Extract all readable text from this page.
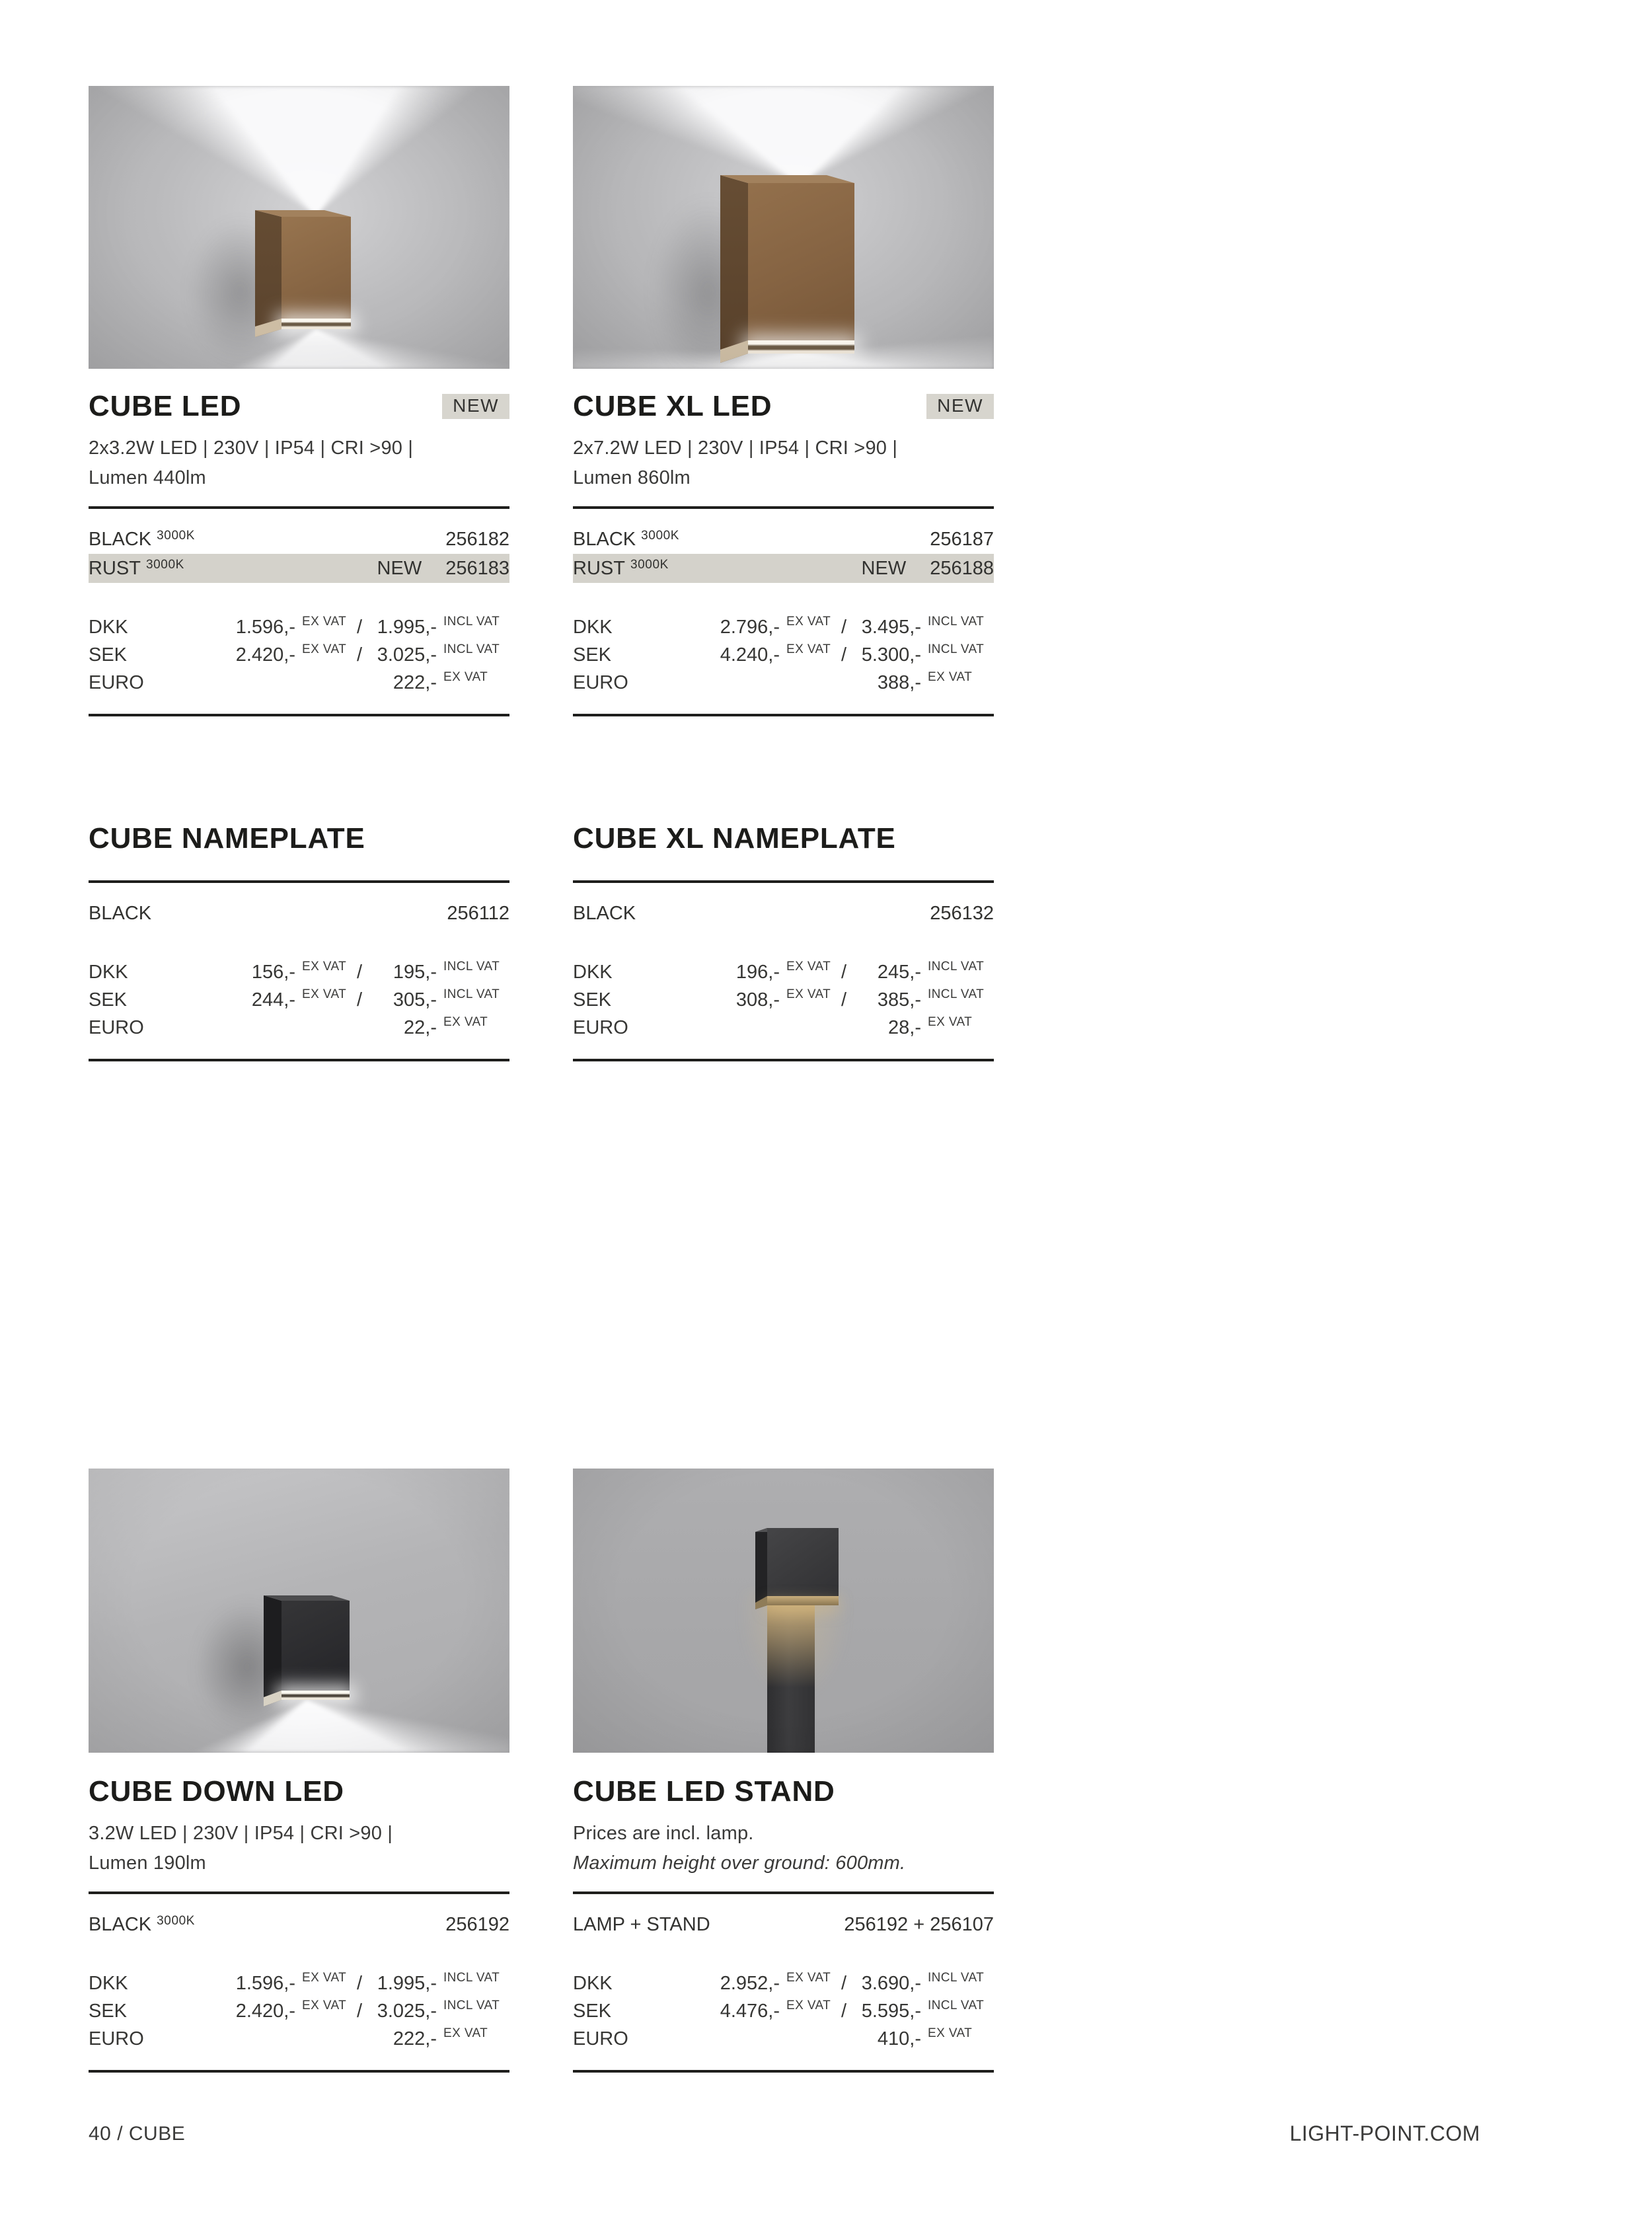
CUBE LED	NEW

2x3.2W LED | 230V | IP54 | CRI >90 |

Lumen 440lm

BLACK 3000K	256182
RUST 3000K	NEW 256183
DKK	1.596,- EX VAT / 1.995,- INCL VAT
SEK	2.420,- EX VAT / 3.025,- INCL VAT
EURO	222,- EX VAT
CUBE XL LED	NEW

2x7.2W LED | 230V | IP54 | CRI >90 |

Lumen 860lm

BLACK 3000K	256187
RUST 3000K	NEW 256188
DKK	2.796,- EX VAT / 3.495,- INCL VAT
SEK	4.240,- EX VAT / 5.300,- INCL VAT
EURO	388,- EX VAT
CUBE NAMEPLATE
BLACK	256112
DKK	156,- EX VAT /	195,- INCL VAT
SEK	244,- EX VAT /	305,- INCL VAT
EURO	22,- EX VAT
CUBE XL NAMEPLATE
BLACK	256132
DKK	196,- EX VAT /	245,- INCL VAT
SEK	308,- EX VAT /	385,- INCL VAT
EURO	28,- EX VAT
CUBE DOWN LED

3.2W LED | 230V | IP54 | CRI >90 |

Lumen 190lm

BLACK 3000K	256192
DKK	1.596,- EX VAT / 1.995,- INCL VAT
SEK	2.420,- EX VAT / 3.025,- INCL VAT
EURO	222,- EX VAT
CUBE LED STAND

Prices are incl. lamp.

Maximum height over ground: 600mm.

LAMP + STAND	256192 + 256107
DKK	2.952,- EX VAT / 3.690,- INCL VAT
SEK	4.476,- EX VAT / 5.595,- INCL VAT
EURO	410,- EX VAT
40 / CUBE	LIGHT-POINT.COM
